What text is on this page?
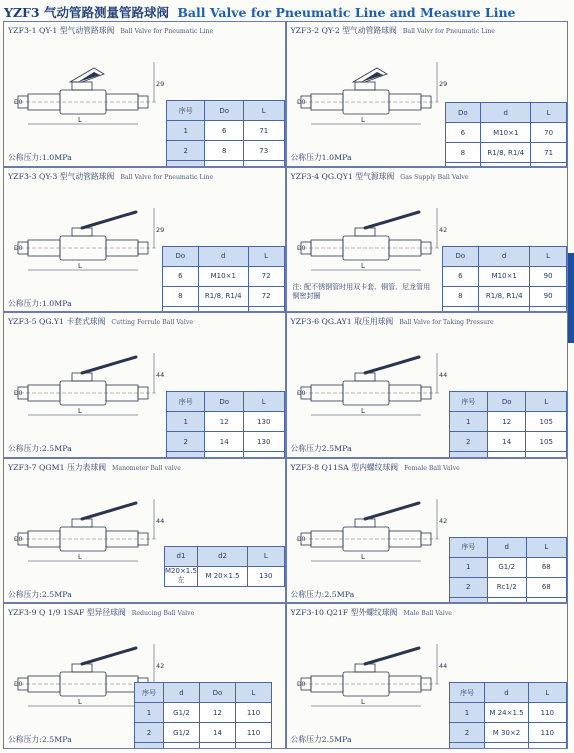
YZF3 气动管路测量管路球阀 Ball Valve for Pneumatic Line and Measure Line
YZF3-1 QY-1 型气动管路球阀 Ball Valve for Pneumatic Line
L
D0
29
公称压力:1.0MPa
序号	Do	L
1	6	71
2	8	73

YZF3-2 QY-2 型气动管路球阀 Ball Valvr for Pneumatic Line
L
D0
29
公称压力1.0MPa
Do	d	L
6	M10×1	70
8	R1/8, R1/4	71

YZF3-3 QY-3 型气动管路球阀 Ball Valve for Pneumatic Line
L
D0
29
公称压力:1.0MPa
Do	d	L
6	M10×1	72
8	R1/8, R1/4	72

YZF3-4 QG.QY1 型气源球阀 Gas Supply Ball Valve
L
D0
42
注: 配不锈钢管时用双卡套、铜管、尼龙管用铜密封圈
Do	d	L
6	M10×1	90
8	R1/8, R1/4	90

YZF3-5 QG.Y1 卡套式球阀 Cutting Ferrule Ball Valve
L
D0
44
公称压力:2.5MPa
序号	Do	L
1	12	130
2	14	130

YZF3-6 QG.AY1 取压用球阀 Ball Valve for Taking Pressure
L
D0
44
公称压力2.5MPa
序号	Do	L
1	12	105
2	14	105

YZF3-7 QGM1 压力表球阀 Manometer Ball valve
L
D0
44
公称压力:2.5MPa
d1	d2	L
M20×1.5 左	M 20×1.5	130
YZF3-8 Q11SA 型内螺纹球阀 Female Ball Valve
L
D0
42
公称压力:2.5MPa
序号	d	L
1	G1/2	68
2	Rc1/2	68

YZF3-9 Q 1/9 1SAF 型异径球阀 Reducing Ball Valve
L
D0
42
公称压力:2.5MPa
序号	d	Do	L
1	G1/2	12	110
2	G1/2	14	110

YZF3-10 Q21F 型外螺纹球阀 Male Ball Valve
L
D0
44
公称压力2.5MPa
序号	d	L
1	M 24×1.5	110
2	M 30×2	110
